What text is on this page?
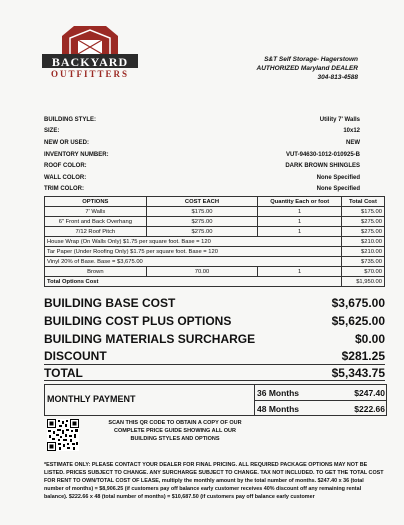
BACKYARD
OUTFITTERS
S&T Self Storage- Hagerstown
AUTHORIZED Maryland DEALER
304-813-4588
BUILDING STYLE:	Utility 7' Walls
SIZE:	10x12
NEW OR USED:	NEW
INVENTORY NUMBER:	VUT-94630-1012-010925-B
ROOF COLOR:	DARK BROWN SHINGLES
WALL COLOR:	None Specified
TRIM COLOR:	None Specified
OPTIONS	COST EACH	Quantity Each or foot	Total Cost
7' Walls	$175.00	1	$175.00
6" Front and Back Overhang	$275.00	1	$275.00
7/12 Roof Pitch	$275.00	1	$275.00
House Wrap (On Walls Only) $1.75 per square foot. Base = 120			$210.00
Tar Paper (Under Roofing Only) $1.75 per square foot. Base = 120			$210.00
Vinyl 20% of Base. Base = $3,675.00			$735.00
Brown	70.00	1	$70.00
Total Options Cost			$1,950.00
BUILDING BASE COST	$3,675.00
BUILDING COST PLUS OPTIONS	$5,625.00
BUILDING MATERIALS SURCHARGE	$0.00
DISCOUNT	$281.25
TOTAL	$5,343.75
MONTHLY PAYMENT
36 Months	$247.40
48 Months	$222.66
SCAN THIS QR CODE TO OBTAIN A COPY OF OUR COMPLETE PRICE GUIDE SHOWING ALL OUR BUILDING STYLES AND OPTIONS
*ESTIMATE ONLY: PLEASE CONTACT YOUR DEALER FOR FINAL PRICING. ALL REQUIRED PACKAGE OPTIONS MAY NOT BE LISTED. PRICES SUBJECT TO CHANGE. ANY SURCHARGE SUBJECT TO CHANGE. TAX NOT INCLUDED. TO GET THE TOTAL COST FOR RENT TO OWN/TOTAL COST OF LEASE, multiply the monthly amount by the total number of months. $247.40 x 36 (total number of months) = $8,906.25 (if customers pay off balance early customer receives 40% discount off any remaining rental balance). $222.66 x 48 (total number of months) = $10,687.50 (if customers pay off balance early customer
